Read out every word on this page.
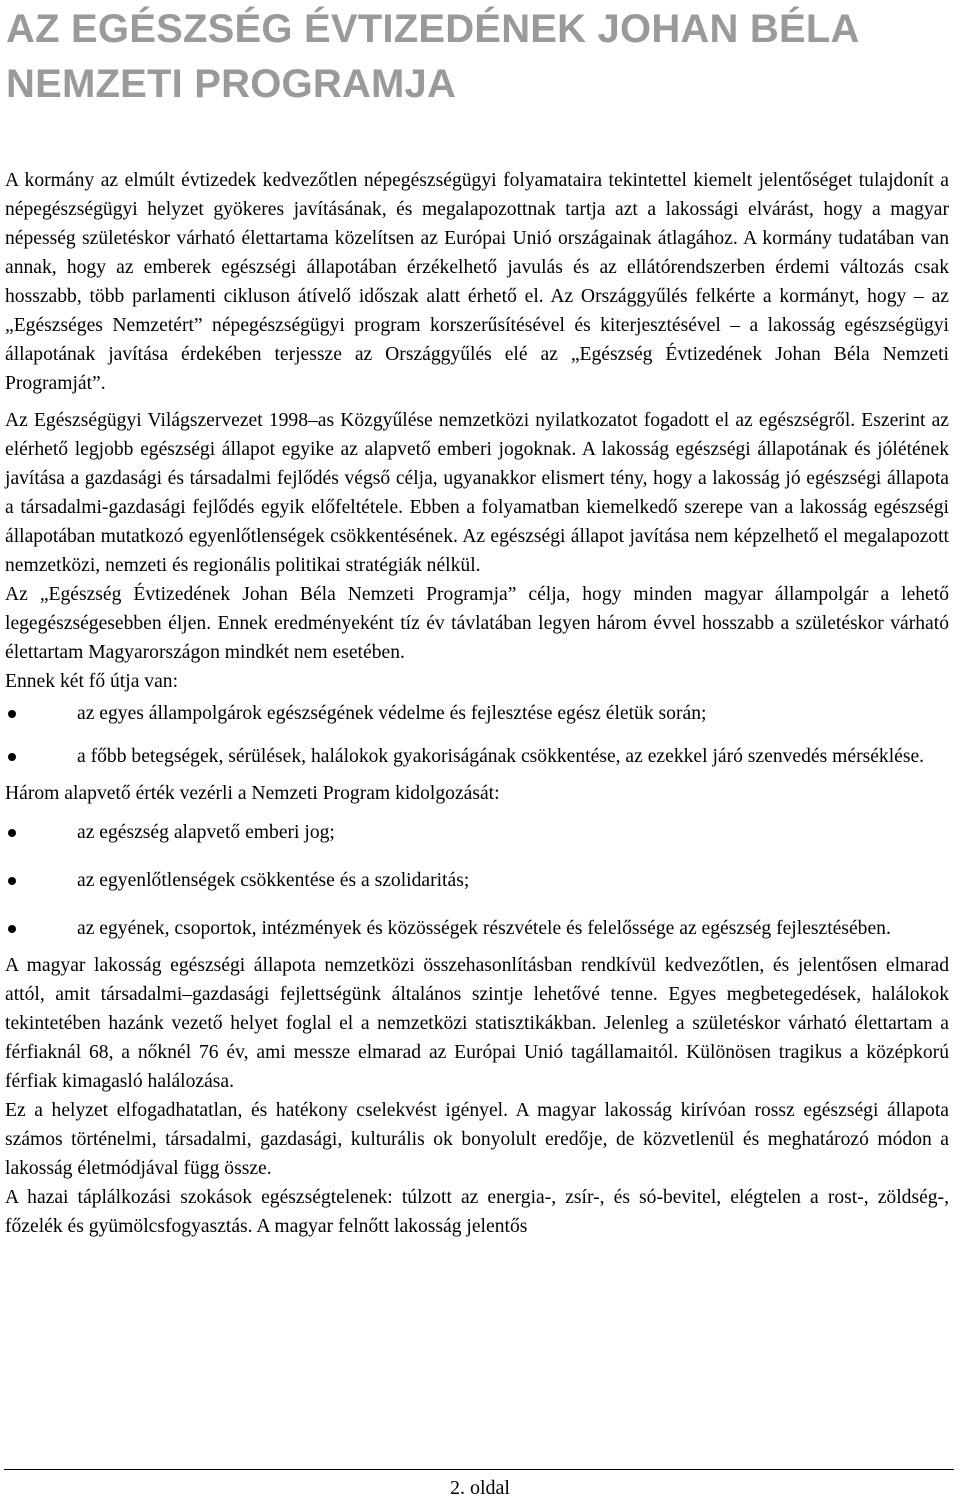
AZ EGÉSZSÉG ÉVTIZEDÉNEK JOHAN BÉLA NEMZETI PROGRAMJA

A kormány az elmúlt évtizedek kedvezőtlen népegészségügyi folyamataira tekintettel kiemelt jelentőséget tulajdonít a népegészségügyi helyzet gyökeres javításának, és megalapozottnak tartja azt a lakossági elvárást, hogy a magyar népesség születéskor várható élettartama közelítsen az Európai Unió országainak átlagához. A kormány tudatában van annak, hogy az emberek egészségi állapotában érzékelhető javulás és az ellátórendszerben érdemi változás csak hosszabb, több parlamenti cikluson átívelő időszak alatt érhető el. Az Országgyűlés felkérte a kormányt, hogy – az „Egészséges Nemzetért” népegészségügyi program korszerűsítésével és kiterjesztésével – a lakosság egészségügyi állapotának javítása érdekében terjessze az Országgyűlés elé az „Egészség Évtizedének Johan Béla Nemzeti Programját”.

Az Egészségügyi Világszervezet 1998–as Közgyűlése nemzetközi nyilatkozatot fogadott el az egészségről. Eszerint az elérhető legjobb egészségi állapot egyike az alapvető emberi jogoknak. A lakosság egészségi állapotának és jólétének javítása a gazdasági és társadalmi fejlődés végső célja, ugyanakkor elismert tény, hogy a lakosság jó egészségi állapota a társadalmi-gazdasági fejlődés egyik előfeltétele. Ebben a folyamatban kiemelkedő szerepe van a lakosság egészségi állapotában mutatkozó egyenlőtlenségek csökkentésének. Az egészségi állapot javítása nem képzelhető el megalapozott nemzetközi, nemzeti és regionális politikai stratégiák nélkül.

Az „Egészség Évtizedének Johan Béla Nemzeti Programja” célja, hogy minden magyar állampolgár a lehető legegészségesebben éljen. Ennek eredményeként tíz év távlatában legyen három évvel hosszabb a születéskor várható élettartam Magyarországon mindkét nem esetében.

Ennek két fő útja van:

az egyes állampolgárok egészségének védelme és fejlesztése egész életük során;
a főbb betegségek, sérülések, halálokok gyakoriságának csökkentése, az ezekkel járó szenvedés mérséklése.

Három alapvető érték vezérli a Nemzeti Program kidolgozását:

az egészség alapvető emberi jog;
az egyenlőtlenségek csökkentése és a szolidaritás;
az egyének, csoportok, intézmények és közösségek részvétele és felelőssége az egészség fejlesztésében.

A magyar lakosság egészségi állapota nemzetközi összehasonlításban rendkívül kedvezőtlen, és jelentősen elmarad attól, amit társadalmi–gazdasági fejlettségünk általános szintje lehetővé tenne. Egyes megbetegedések, halálokok tekintetében hazánk vezető helyet foglal el a nemzetközi statisztikákban. Jelenleg a születéskor várható élettartam a férfiaknál 68, a nőknél 76 év, ami messze elmarad az Európai Unió tagállamaitól. Különösen tragikus a középkorú férfiak kimagasló halálozása.

Ez a helyzet elfogadhatatlan, és hatékony cselekvést igényel. A magyar lakosság kirívóan rossz egészségi állapota számos történelmi, társadalmi, gazdasági, kulturális ok bonyolult eredője, de közvetlenül és meghatározó módon a lakosság életmódjával függ össze.

A hazai táplálkozási szokások egészségtelenek: túlzott az energia-, zsír-, és só-bevitel, elégtelen a rost-, zöldség-, főzelék és gyümölcsfogyasztás. A magyar felnőtt lakosság jelentős

2. oldal
